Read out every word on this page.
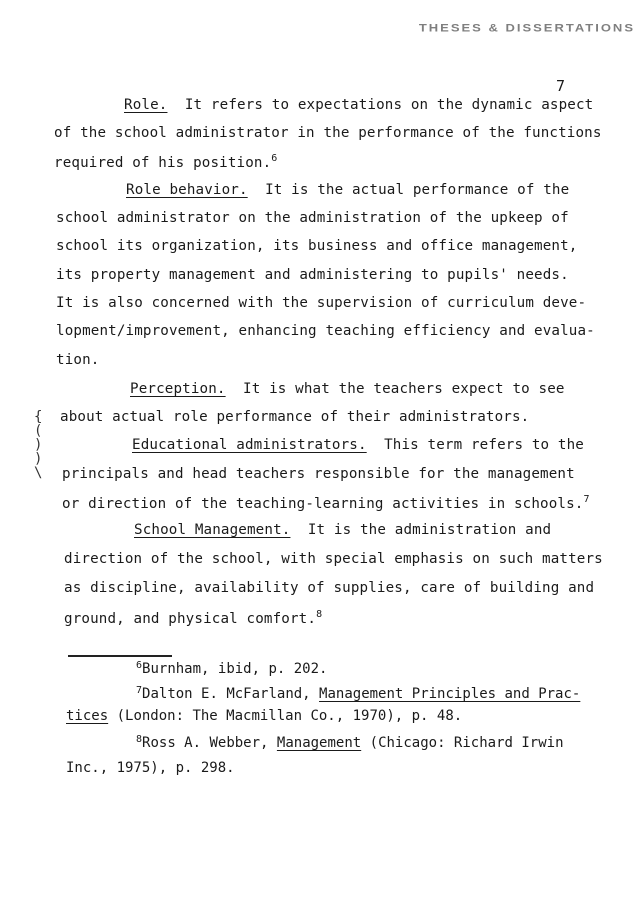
THESES & DISSERTATIONS
7
Role. It refers to expectations on the dynamic aspect
of the school administrator in the performance of the functions
required of his position.$^6$
Role behavior. It is the actual performance of the
school administrator on the administration of the upkeep of
school its organization, its business and office management,
its property management and administering to pupils' needs.
It is also concerned with the supervision of curriculum deve-
lopment/improvement, enhancing teaching efficiency and evalua-
tion.
Perception. It is what the teachers expect to see
about actual role performance of their administrators.
Educational administrators. This term refers to the
principals and head teachers responsible for the management
or direction of the teaching-learning activities in schools.$^7$
School Management. It is the administration and
direction of the school, with special emphasis on such matters
as discipline, availability of supplies, care of building and
ground, and physical comfort.$^8$
{ ( ) ) \
$^6$Burnham, ibid, p. 202.
$^7$Dalton E. McFarland, Management Principles and Prac-
tices (London: The Macmillan Co., 1970), p. 48.
$^8$Ross A. Webber, Management (Chicago: Richard Irwin
Inc., 1975), p. 298.
